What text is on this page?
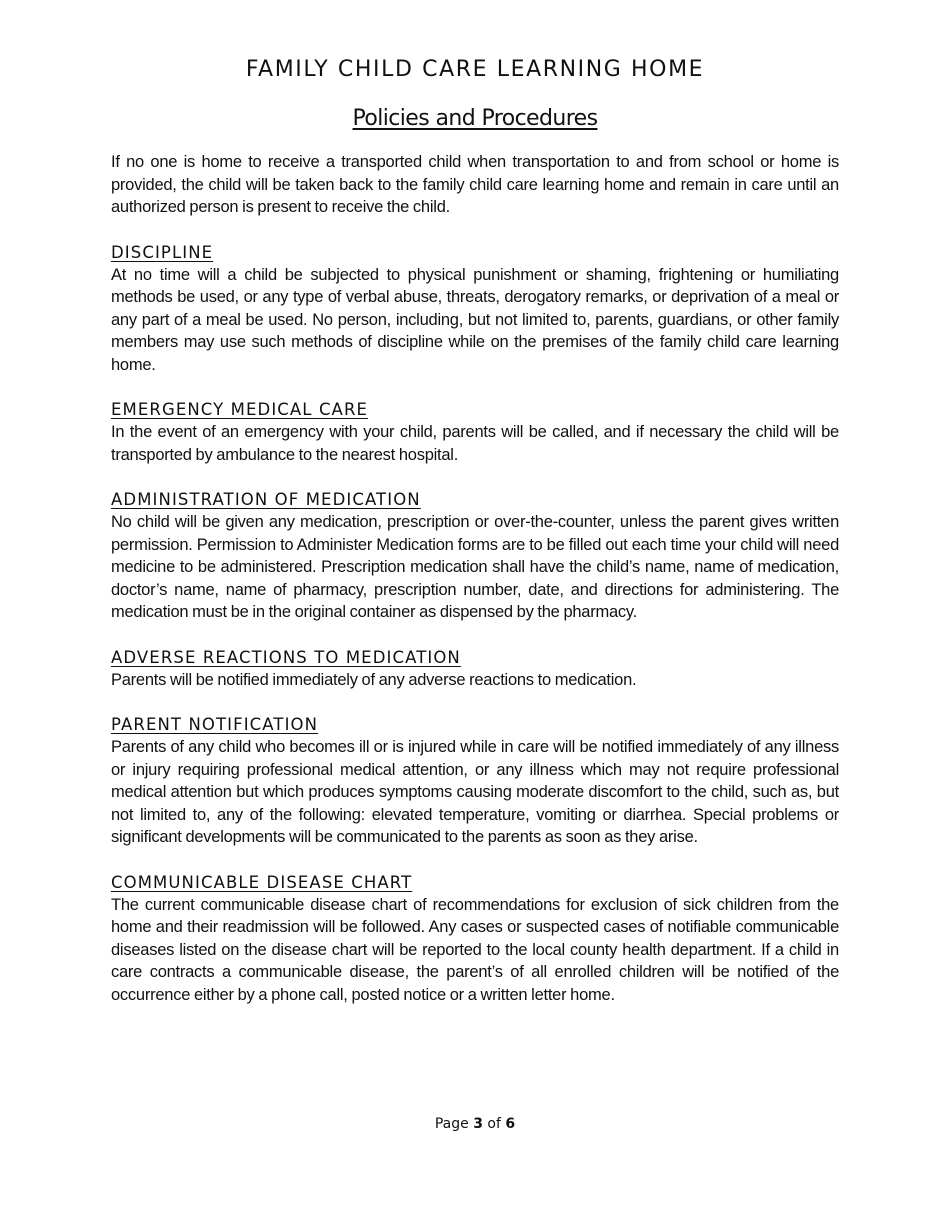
FAMILY CHILD CARE LEARNING HOME
Policies and Procedures

If no one is home to receive a transported child when transportation to and from school or home is provided, the child will be taken back to the family child care learning home and remain in care until an authorized person is present to receive the child.

DISCIPLINE

At no time will a child be subjected to physical punishment or shaming, frightening or humiliating methods be used, or any type of verbal abuse, threats, derogatory remarks, or deprivation of a meal or any part of a meal be used. No person, including, but not limited to, parents, guardians, or other family members may use such methods of discipline while on the premises of the family child care learning home.

EMERGENCY MEDICAL CARE

In the event of an emergency with your child, parents will be called, and if necessary the child will be transported by ambulance to the nearest hospital.

ADMINISTRATION OF MEDICATION

No child will be given any medication, prescription or over-the-counter, unless the parent gives written permission. Permission to Administer Medication forms are to be filled out each time your child will need medicine to be administered. Prescription medication shall have the child’s name, name of medication, doctor’s name, name of pharmacy, prescription number, date, and directions for administering. The medication must be in the original container as dispensed by the pharmacy.

ADVERSE REACTIONS TO MEDICATION

Parents will be notified immediately of any adverse reactions to medication.

PARENT NOTIFICATION

Parents of any child who becomes ill or is injured while in care will be notified immediately of any illness or injury requiring professional medical attention, or any illness which may not require professional medical attention but which produces symptoms causing moderate discomfort to the child, such as, but not limited to, any of the following: elevated temperature, vomiting or diarrhea. Special problems or significant developments will be communicated to the parents as soon as they arise.

COMMUNICABLE DISEASE CHART

The current communicable disease chart of recommendations for exclusion of sick children from the home and their readmission will be followed. Any cases or suspected cases of notifiable communicable diseases listed on the disease chart will be reported to the local county health department. If a child in care contracts a communicable disease, the parent’s of all enrolled children will be notified of the occurrence either by a phone call, posted notice or a written letter home.

Page 3 of 6
